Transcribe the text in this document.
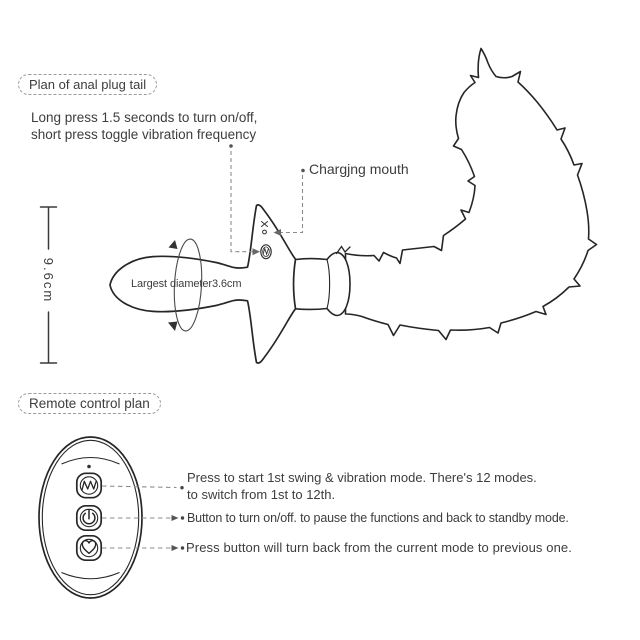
Plan of anal plug tail
Long press 1.5 seconds to turn on/off,
short press toggle vibration frequency
Chargjng mouth
9.6cm	Largest diameter3.6cm
Remote control plan
Press to start 1st swing & vibration mode. There's 12 modes.
to switch from 1st to 12th.
Button to turn on/off. to pause the functions and back to standby mode.
Press button will turn back from the current mode to previous one.
